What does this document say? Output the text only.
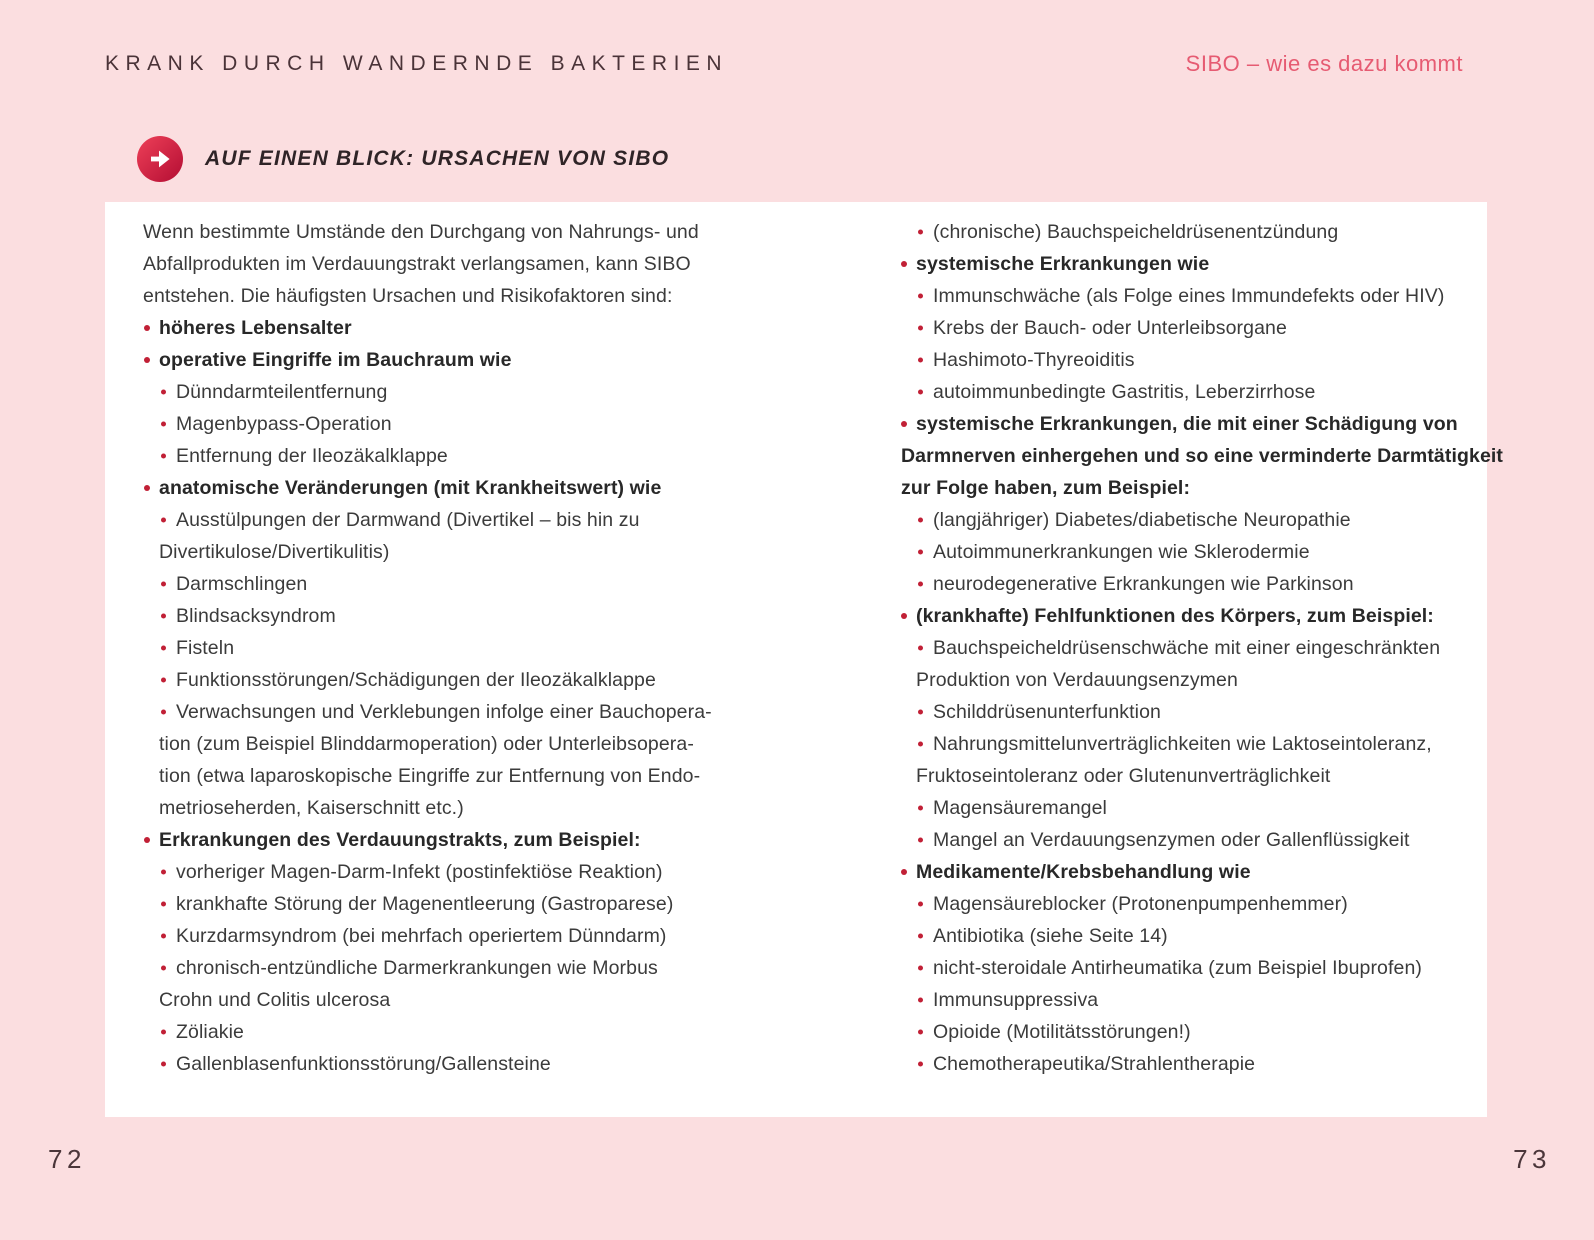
KRANK DURCH WANDERNDE BAKTERIEN	SIBO – wie es dazu kommt
AUF EINEN BLICK: URSACHEN VON SIBO
Wenn bestimmte Umstände den Durchgang von Nahrungs- und
Abfallprodukten im Verdauungstrakt verlangsamen, kann SIBO
entstehen. Die häufigsten Ursachen und Risikofaktoren sind:
höheres Lebensalter
operative Eingriffe im Bauchraum wie
Dünndarmteilentfernung
Magenbypass-Operation
Entfernung der Ileozäkalklappe
anatomische Veränderungen (mit Krankheitswert) wie
Ausstülpungen der Darmwand (Divertikel – bis hin zu
Divertikulose/Divertikulitis)
Darmschlingen
Blindsacksyndrom
Fisteln
Funktionsstörungen/Schädigungen der Ileozäkalklappe
Verwachsungen und Verklebungen infolge einer Bauchopera-
tion (zum Beispiel Blinddarmoperation) oder Unterleibsopera-
tion (etwa laparoskopische Eingriffe zur Entfernung von Endo-
metrioseherden, Kaiserschnitt etc.)
Erkrankungen des Verdauungstrakts, zum Beispiel:
vorheriger Magen-Darm-Infekt (postinfektiöse Reaktion)
krankhafte Störung der Magenentleerung (Gastroparese)
Kurzdarmsyndrom (bei mehrfach operiertem Dünndarm)
chronisch-entzündliche Darmerkrankungen wie Morbus
Crohn und Colitis ulcerosa
Zöliakie
Gallenblasenfunktionsstörung/Gallensteine
(chronische) Bauchspeicheldrüsenentzündung
systemische Erkrankungen wie
Immunschwäche (als Folge eines Immundefekts oder HIV)
Krebs der Bauch- oder Unterleibsorgane
Hashimoto-Thyreoiditis
autoimmunbedingte Gastritis, Leberzirrhose
systemische Erkrankungen, die mit einer Schädigung von
Darmnerven einhergehen und so eine verminderte Darmtätigkeit
zur Folge haben, zum Beispiel:
(langjähriger) Diabetes/diabetische Neuropathie
Autoimmunerkrankungen wie Sklerodermie
neurodegenerative Erkrankungen wie Parkinson
(krankhafte) Fehlfunktionen des Körpers, zum Beispiel:
Bauchspeicheldrüsenschwäche mit einer eingeschränkten
Produktion von Verdauungsenzymen
Schilddrüsenunterfunktion
Nahrungsmittelunverträglichkeiten wie Laktoseintoleranz,
Fruktoseintoleranz oder Glutenunverträglichkeit
Magensäuremangel
Mangel an Verdauungsenzymen oder Gallenflüssigkeit
Medikamente/Krebsbehandlung wie
Magensäureblocker (Protonenpumpenhemmer)
Antibiotika (siehe Seite 14)
nicht-steroidale Antirheumatika (zum Beispiel Ibuprofen)
Immunsuppressiva
Opioide (Motilitätsstörungen!)
Chemotherapeutika/Strahlentherapie
72	73
